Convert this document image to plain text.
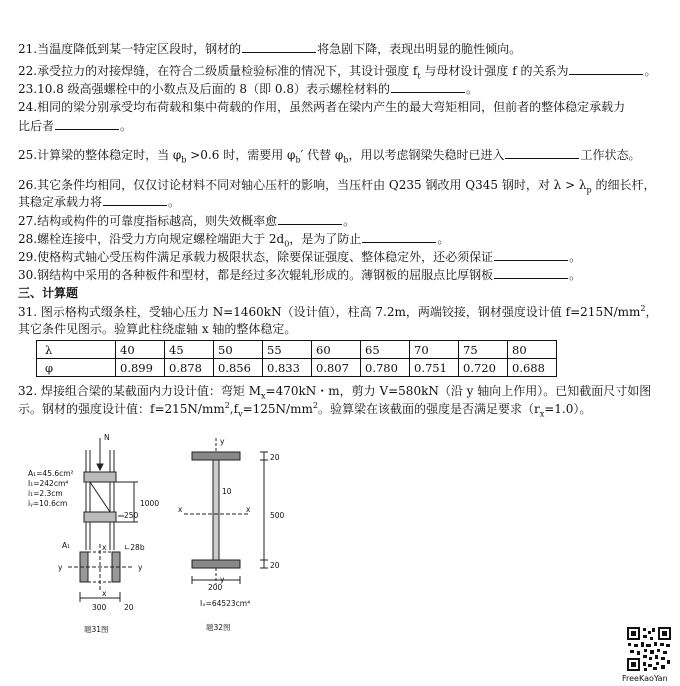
21.当温度降低到某一特定区段时，钢材的	将急剧下降，表现出明显的脆性倾向。
22.承受拉力的对接焊缝，在符合二级质量检验标准的情况下，其设计强度 $f_t$ 与母材设计强度 f 的关系为	。
23.10.8 级高强螺栓中的小数点及后面的 8（即 0.8）表示螺栓材料的	。
24.相同的梁分别承受均布荷载和集中荷载的作用，虽然两者在梁内产生的最大弯矩相同，但前者的整体稳定承载力
比后者	。
25.计算梁的整体稳定时，当 $\varphi_b >0.6$ 时，需要用 $\varphi_b'$ 代替 $\varphi_b$，用以考虑钢梁失稳时已进入	工作状态。
26.其它条件均相同，仅仅讨论材料不同对轴心压杆的影响，当压杆由 Q235 钢改用 Q345 钢时，对 $\lambda > \lambda_p$ 的细长杆，
其稳定承载力将	。
27.结构或构件的可靠度指标越高，则失效概率愈	。
28.螺栓连接中，沿受力方向规定螺栓端距大于 $2d_0$，是为了防止	。
29.使格构式轴心受压构件满足承载力极限状态，除要保证强度、整体稳定外，还必须保证	。
30.钢结构中采用的各种板件和型材，都是经过多次辊轧形成的。薄钢板的屈服点比厚钢板	。
三、计算题
31. 图示格构式缀条柱，受轴心压力 N=1460kN（设计值），柱高 7.2m，两端铰接，钢材强度设计值 $f=215N/mm^2$，
其它条件见图示。验算此柱绕虚轴 x 轴的整体稳定。
λ	40	45	50	55	60	65	70	75	80
φ	0.899	0.878	0.856	0.833	0.807	0.780	0.751	0.720	0.688
32. 焊接组合梁的某截面内力设计值：弯矩 $M_x=470kN$・m，剪力 V=580kN（沿 y 轴向上作用）。已知截面尺寸如图
示。钢材的强度设计值：$f=215N/mm^2,f_v=125N/mm^2$。验算梁在该截面的强度是否满足要求$(r_x=1.0)$。
N
A₁=45.6cm²
I₁=242cm⁴
i₁=2.3cm
iᵧ=10.6cm	1000
250
A₁	∟28b
x
x
y	y
300 20
题31图
y
y
x	x
20
10
500
20
200
Iₓ=64523cm⁴
题32图
FreeKaoYan
